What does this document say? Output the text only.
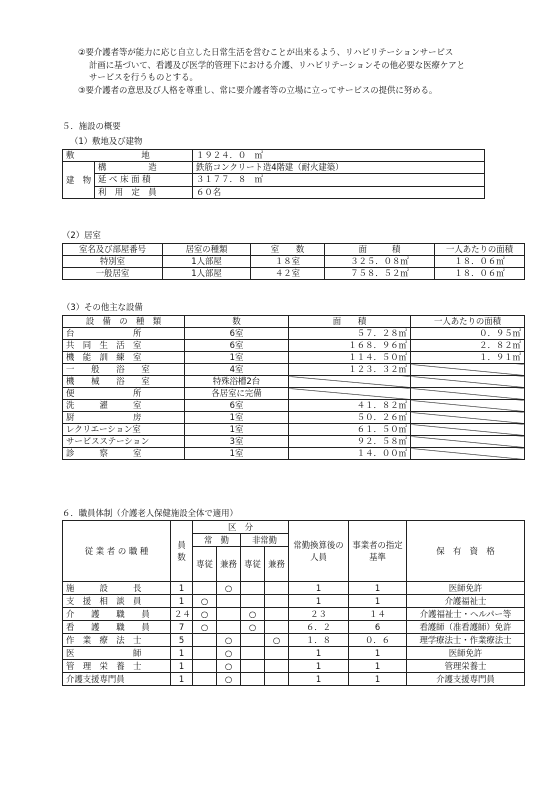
②要介護者等が能力に応じ自立した日常生活を営むことが出来るよう、リハビリテーションサービス

計画に基づいて、看護及び医学的管理下における介護、リハビリテーションその他必要な医療ケアと

サービスを行うものとする。

③要介護者の意思及び人格を尊重し、常に要介護者等の立場に立ってサービスの提供に努める。

５．施設の概要
（1）敷地及び建物
敷　　　　　　　　地		１９２４．０　㎡
建　物	構　　　　　造	鉄筋コンクリート造4階建（耐火建築）
	延 べ 床 面 積	３１７７．８　㎡
	利　用　定　員	６０名
（2）居室
室名及び部屋番号	居室の種類	室　　数	面　　　積	一人あたりの面積
特別室	1人部屋	１８室	３２５．０８㎡	１８．０６㎡
一般居室	1人部屋	４２室	７５８．５２㎡	１８．０６㎡
（3）その他主な設備
設　備　の　種　類	数	面　　積	一人あたりの面積
台　　　　　　　所	6室	５７．２８㎡	０．９５㎡
共　同　生　活　室	6室	１６８．９６㎡	２．８２㎡
機　能　訓　練　室	1室	１１４．５０㎡	１．９１㎡
一　　般　　浴　　室	4室	１２３．３２㎡	
機　　械　　浴　　室	特殊浴槽2台		
便　　　　　　　所	各居室に完備		
洗　　　濯　　　室	6室	４１．８２㎡	
厨　　　　　　　房	1室	５０．２６㎡	
レクリエーション室	1室	６１．５０㎡	
サービスステーション	3室	９２．５８㎡	
診　　　察　　　室	1室	１４．００㎡	
６．職員体制（介護老人保健施設全体で適用）
従 業 者 の 職 種	員数	区　分				常勤換算後の人員	事業者の指定基準	保　有　資　格
		常　勤		非常勤				
		専従	兼務	専従	兼務			
施　　　設　　　長	1		○			1	1	医師免許
支　援　相　談　員	1	○				1	1	介護福祉士
介　　護　　職　　員	２４	○		○		２３	１４	介護福祉士・ヘルパー等
看　　護　　職　　員	7	○		○		６．２	6	看護師（准看護師）免許
作　業　療　法　士	5		○		○	１．８	０．６	理学療法士・作業療法士
医　　　　　　　師	1		○			1	1	医師免許
管　理　栄　養　士	1		○			1	1	管理栄養士
介護支援専門員	1		○			1	1	介護支援専門員
